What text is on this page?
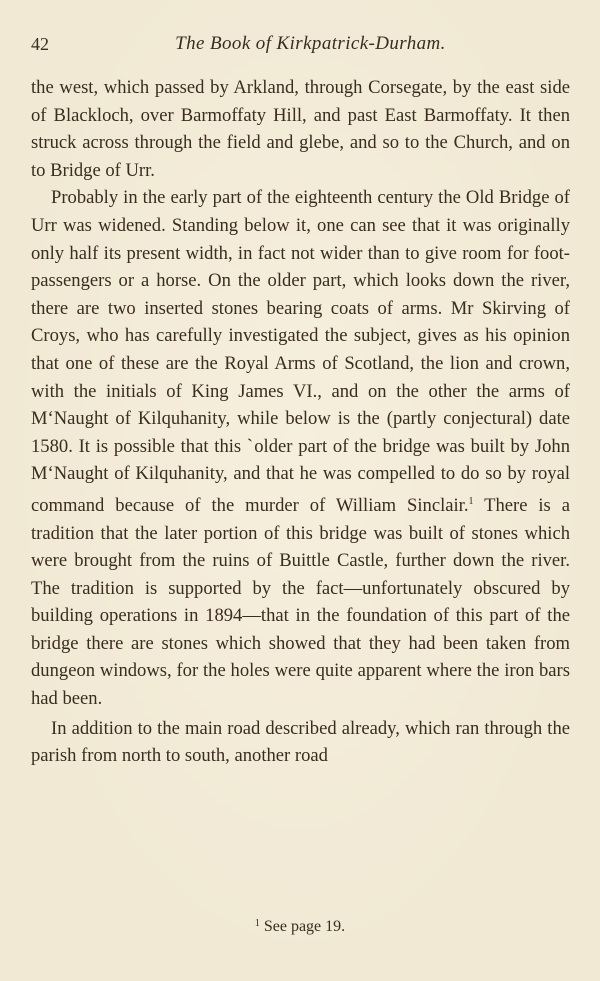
42	The Book of Kirkpatrick-Durham.

the west, which passed by Arkland, through Corsegate, by the east side of Blackloch, over Barmoffaty Hill, and past East Barmoffaty. It then struck across through the field and glebe, and so to the Church, and on to Bridge of Urr.

Probably in the early part of the eighteenth century the Old Bridge of Urr was widened. Standing below it, one can see that it was originally only half its present width, in fact not wider than to give room for foot-passengers or a horse. On the older part, which looks down the river, there are two inserted stones bearing coats of arms. Mr Skirving of Croys, who has carefully investigated the subject, gives as his opinion that one of these are the Royal Arms of Scotland, the lion and crown, with the initials of King James VI., and on the other the arms of M‘Naught of Kilquhanity, while below is the (partly conjectural) date 1580. It is possible that this ˋolder part of the bridge was built by John M‘Naught of Kilquhanity, and that he was compelled to do so by royal command because of the murder of William Sinclair.$^1$ There is a tradition that the later portion of this bridge was built of stones which were brought from the ruins of Buittle Castle, further down the river. The tradition is supported by the fact—unfortunately obscured by building operations in 1894—that in the foundation of this part of the bridge there are stones which showed that they had been taken from dungeon windows, for the holes were quite apparent where the iron bars had been.

In addition to the main road described already, which ran through the parish from north to south, another road

$^1$ See page 19.
